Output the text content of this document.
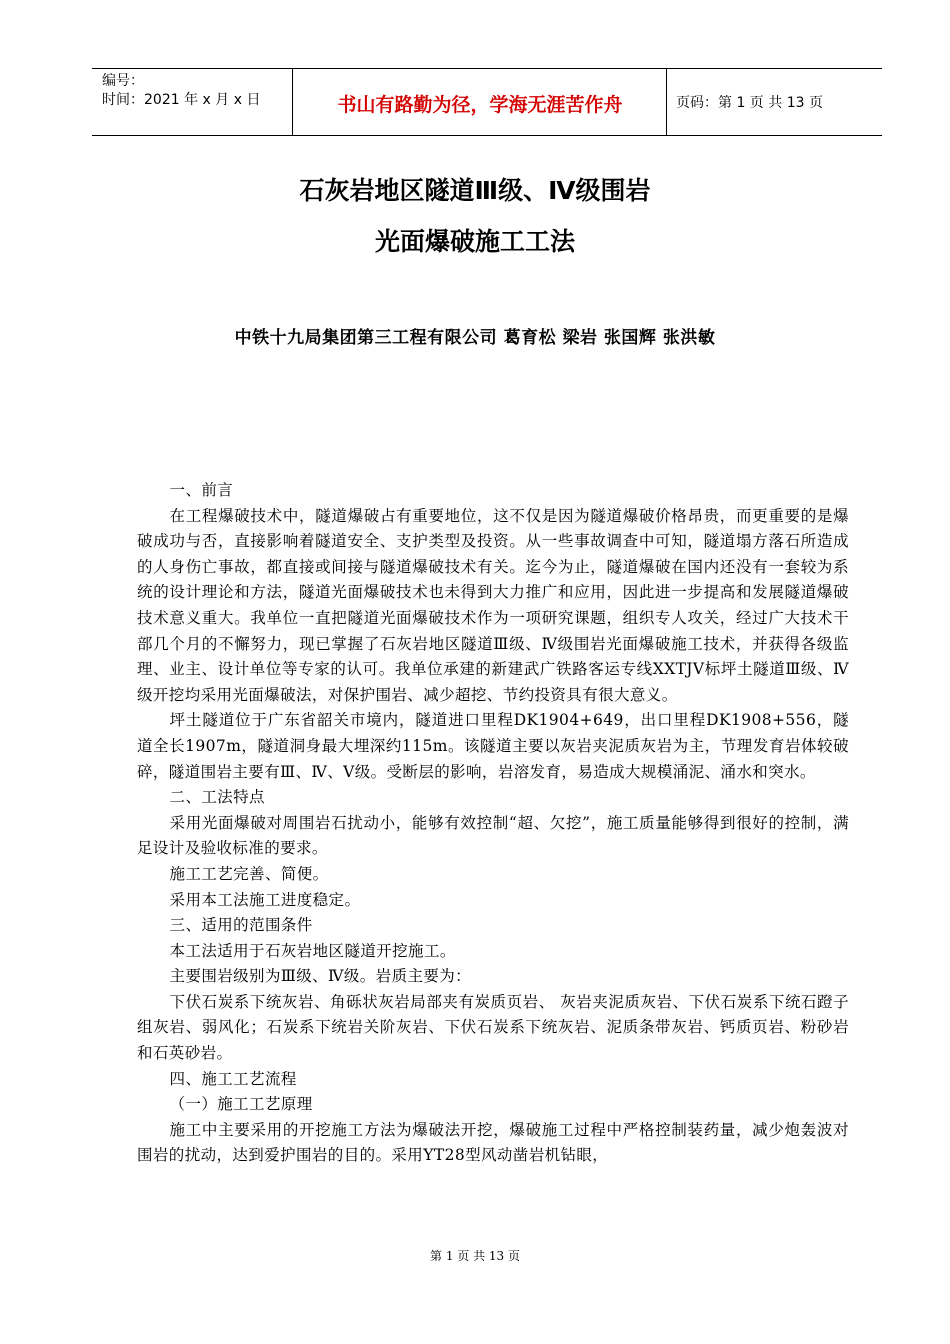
编号：
时间：2021 年 x 月 x 日	书山有路勤为径，学海无涯苦作舟	页码：第 1 页 共 13 页
石灰岩地区隧道Ⅲ级、Ⅳ级围岩
光面爆破施工工法
中铁十九局集团第三工程有限公司 葛育松 梁岩 张国辉 张洪敏

一、前言

在工程爆破技术中，隧道爆破占有重要地位，这不仅是因为隧道爆破价格昂贵，而更重要的是爆破成功与否，直接影响着隧道安全、支护类型及投资。从一些事故调查中可知，隧道塌方落石所造成的人身伤亡事故，都直接或间接与隧道爆破技术有关。迄今为止，隧道爆破在国内还没有一套较为系统的设计理论和方法，隧道光面爆破技术也未得到大力推广和应用，因此进一步提高和发展隧道爆破技术意义重大。我单位一直把隧道光面爆破技术作为一项研究课题，组织专人攻关，经过广大技术干部几个月的不懈努力，现已掌握了石灰岩地区隧道Ⅲ级、Ⅳ级围岩光面爆破施工技术，并获得各级监理、业主、设计单位等专家的认可。我单位承建的新建武广铁路客运专线XXTJV标坪土隧道Ⅲ级、Ⅳ级开挖均采用光面爆破法，对保护围岩、减少超挖、节约投资具有很大意义。

坪土隧道位于广东省韶关市境内，隧道进口里程DK1904+649，出口里程DK1908+556，隧道全长1907m，隧道洞身最大埋深约115m。该隧道主要以灰岩夹泥质灰岩为主，节理发育岩体较破碎，隧道围岩主要有Ⅲ、Ⅳ、Ⅴ级。受断层的影响，岩溶发育，易造成大规模涌泥、涌水和突水。

二、工法特点

采用光面爆破对周围岩石扰动小，能够有效控制“超、欠挖”，施工质量能够得到很好的控制，满足设计及验收标准的要求。

施工工艺完善、简便。

采用本工法施工进度稳定。

三、适用的范围条件

本工法适用于石灰岩地区隧道开挖施工。

主要围岩级别为Ⅲ级、Ⅳ级。岩质主要为：

下伏石炭系下统灰岩、角砾状灰岩局部夹有炭质页岩、 灰岩夹泥质灰岩、下伏石炭系下统石蹬子组灰岩、弱风化；石炭系下统岩关阶灰岩、下伏石炭系下统灰岩、泥质条带灰岩、钙质页岩、粉砂岩和石英砂岩。

四、施工工艺流程

（一）施工工艺原理

施工中主要采用的开挖施工方法为爆破法开挖，爆破施工过程中严格控制装药量，减少炮轰波对围岩的扰动，达到爱护围岩的目的。采用YT28型风动凿岩机钻眼，

第 1 页 共 13 页
